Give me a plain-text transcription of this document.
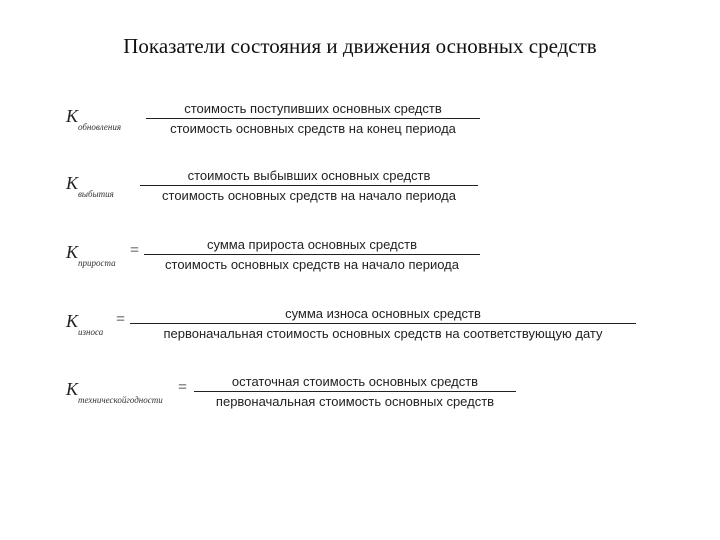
Показатели состояния и движения основных средств
K
обновления
стоимость поступивших основных средств
стоимость основных средств на конец периода
K
выбытия
стоимость выбывших основных средств
стоимость основных средств на начало периода
K
прироста
=	сумма прироста основных средств
стоимость основных средств на начало периода
K
износа
=	сумма износа основных средств
первоначальная стоимость основных средств на соответствующую дату
K
техническойгодности
=	остаточная стоимость основных средств
первоначальная стоимость основных средств
